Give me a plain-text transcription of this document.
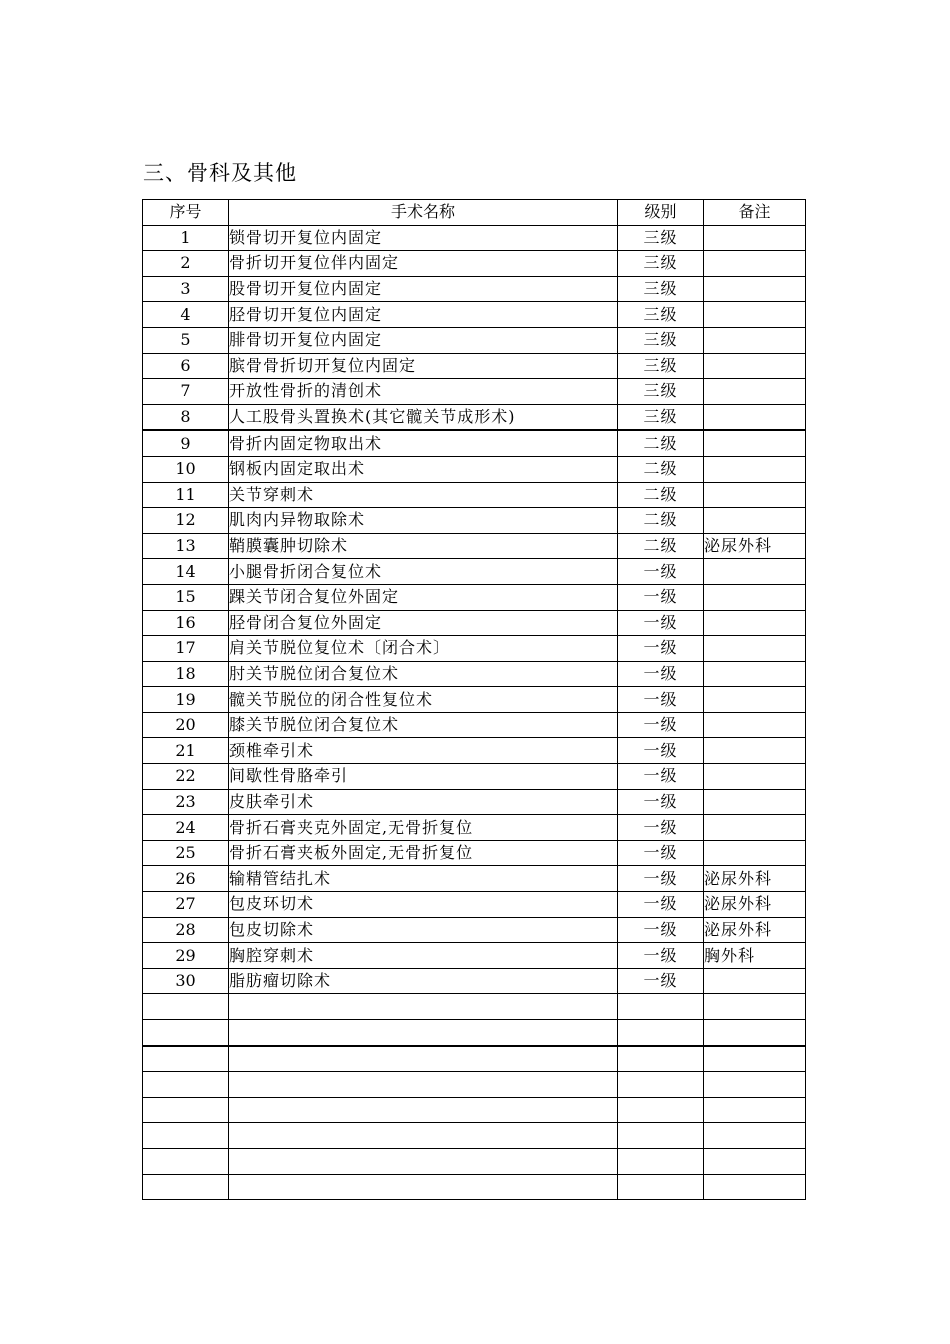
三、骨科及其他
序号	手术名称	级别	备注
1	锁骨切开复位内固定	三级	
2	骨折切开复位伴内固定	三级	
3	股骨切开复位内固定	三级	
4	胫骨切开复位内固定	三级	
5	腓骨切开复位内固定	三级	
6	膑骨骨折切开复位内固定	三级	
7	开放性骨折的清创术	三级	
8	人工股骨头置换术(其它髋关节成形术)	三级	
9	骨折内固定物取出术	二级	
10	钢板内固定取出术	二级	
11	关节穿刺术	二级	
12	肌肉内异物取除术	二级	
13	鞘膜囊肿切除术	二级	泌尿外科
14	小腿骨折闭合复位术	一级	
15	踝关节闭合复位外固定	一级	
16	胫骨闭合复位外固定	一级	
17	肩关节脱位复位术〔闭合术〕	一级	
18	肘关节脱位闭合复位术	一级	
19	髋关节脱位的闭合性复位术	一级	
20	膝关节脱位闭合复位术	一级	
21	颈椎牵引术	一级	
22	间歇性骨胳牵引	一级	
23	皮肤牵引术	一级	
24	骨折石膏夹克外固定,无骨折复位	一级	
25	骨折石膏夹板外固定,无骨折复位	一级	
26	输精管结扎术	一级	泌尿外科
27	包皮环切术	一级	泌尿外科
28	包皮切除术	一级	泌尿外科
29	胸腔穿刺术	一级	胸外科
30	脂肪瘤切除术	一级	
